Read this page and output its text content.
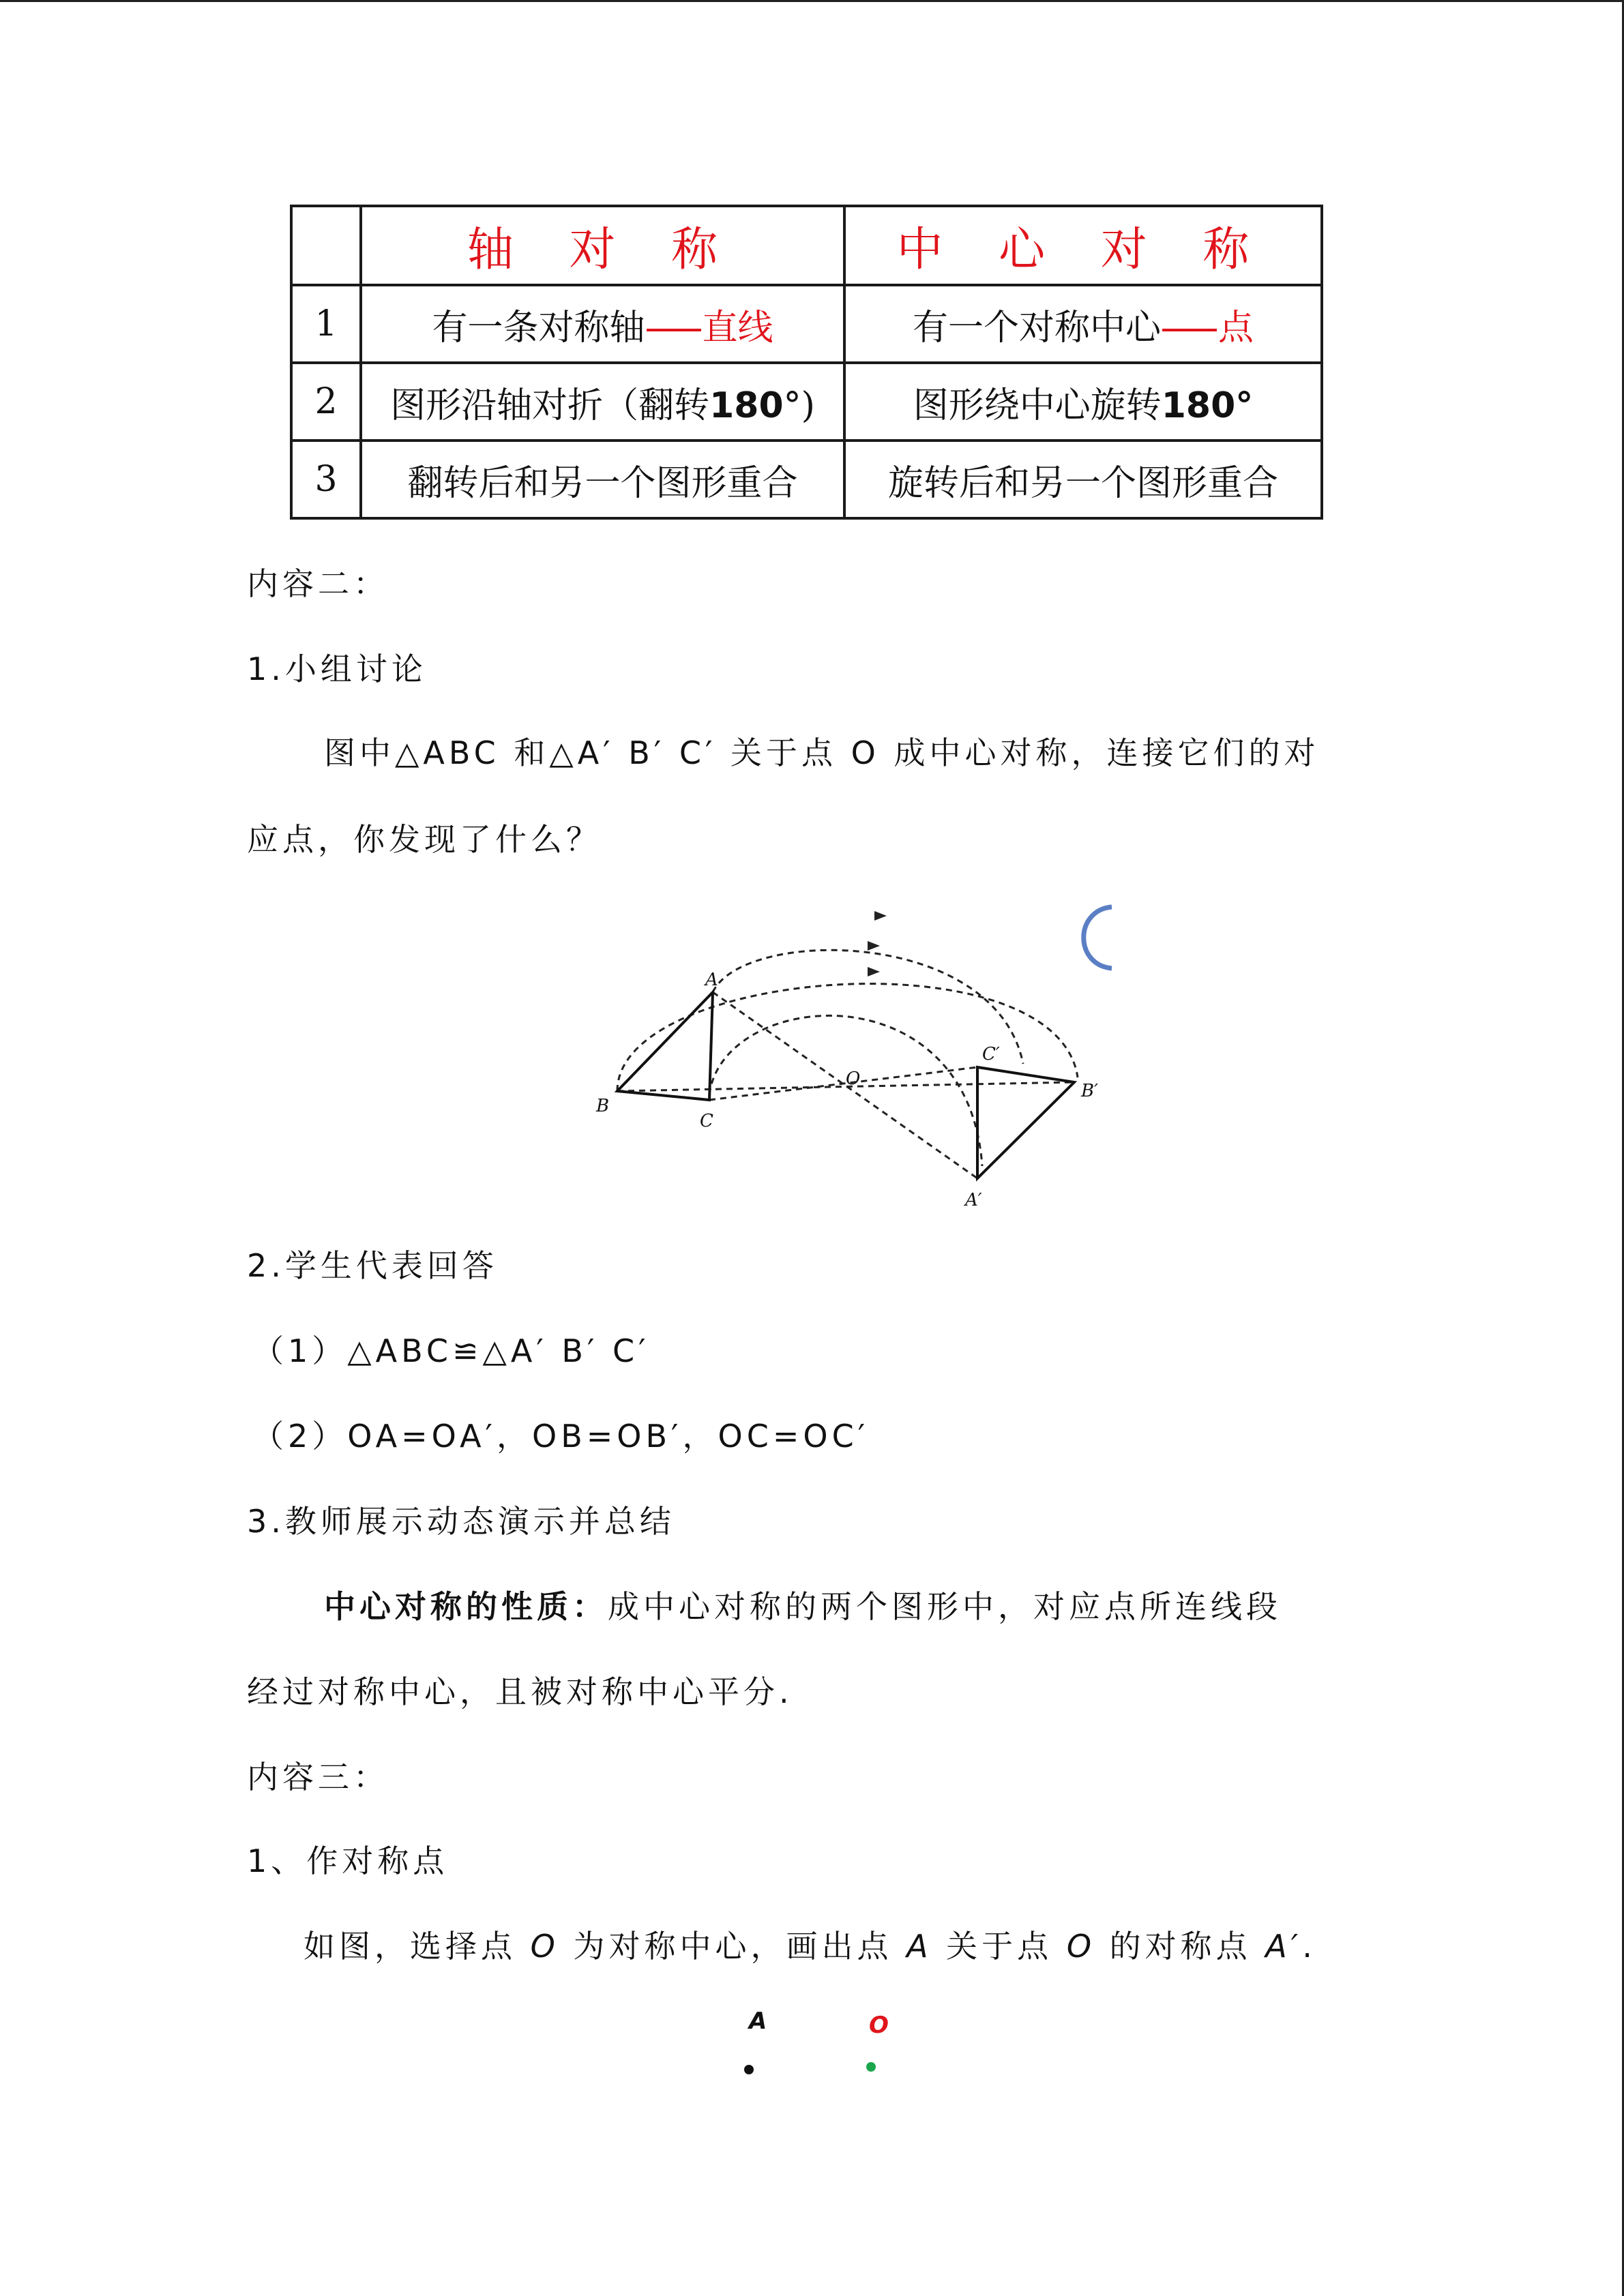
	轴 对 称	中 心 对 称
1	有一条对称轴 直线	有一个对称中心 点
2	图形沿轴对折（翻转180°)	图形绕中心旋转180°
3	翻转后和另一个图形重合	旋转后和另一个图形重合
内容二：
1.小组讨论
图中△ABC 和△A′ B′ C′ 关于点 O 成中心对称，连接它们的对
应点，你发现了什么？
A
B
C
O
A′
B′
C′
2.学生代表回答
（1）△ABC≌△A′ B′ C′
（2）OA=OA′，OB=OB′，OC=OC′
3.教师展示动态演示并总结
中心对称的性质：成中心对称的两个图形中，对应点所连线段
经过对称中心，且被对称中心平分.
内容三：
1、作对称点
如图，选择点 O 为对称中心，画出点 A 关于点 O 的对称点 A′.
A	O
